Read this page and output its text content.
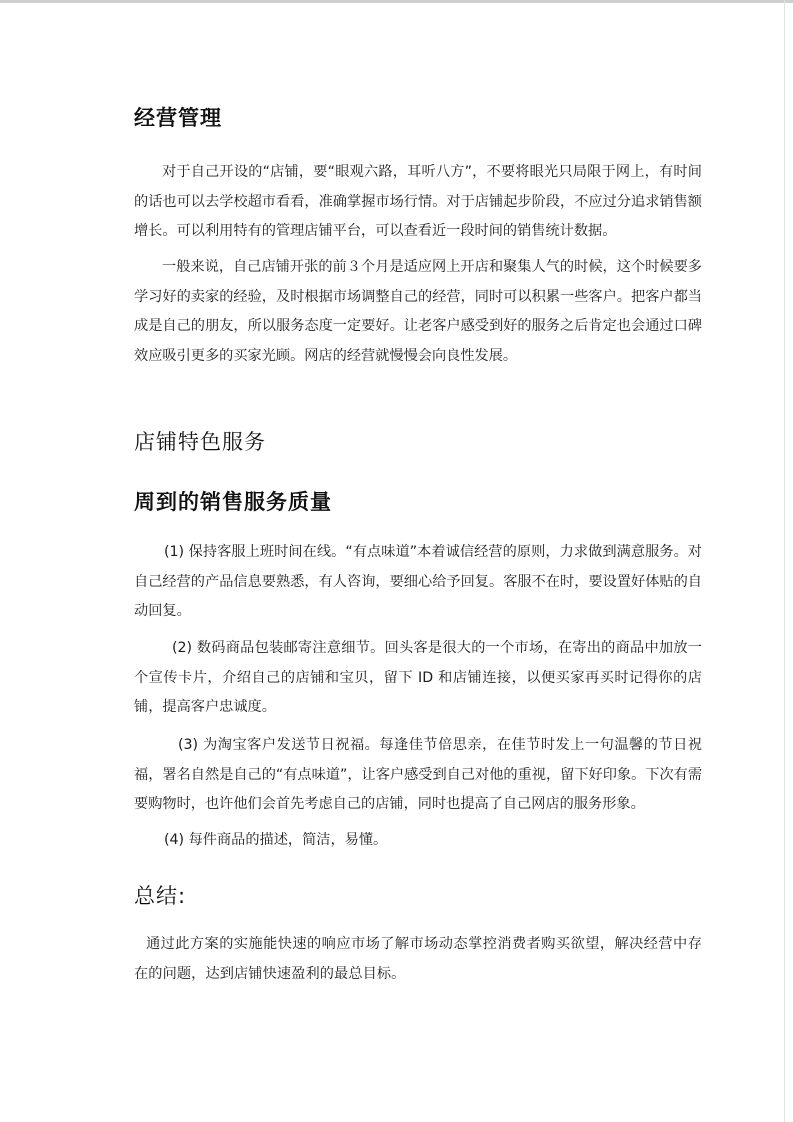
经营管理

对于自己开设的“店铺，要“眼观六路，耳听八方”，不要将眼光只局限于网上，有时间的话也可以去学校超市看看，准确掌握市场行情。对于店铺起步阶段，不应过分追求销售额增长。可以利用特有的管理店铺平台，可以查看近一段时间的销售统计数据。

一般来说，自己店铺开张的前３个月是适应网上开店和聚集人气的时候，这个时候要多学习好的卖家的经验，及时根据市场调整自己的经营，同时可以积累一些客户。把客户都当成是自己的朋友，所以服务态度一定要好。让老客户感受到好的服务之后肯定也会通过口碑效应吸引更多的买家光顾。网店的经营就慢慢会向良性发展。

店铺特色服务
周到的销售服务质量

(1) 保持客服上班时间在线。“有点味道”本着诚信经营的原则，力求做到满意服务。对自己经营的产品信息要熟悉，有人咨询，要细心给予回复。客服不在时，要设置好体贴的自动回复。

(2) 数码商品包装邮寄注意细节。回头客是很大的一个市场，在寄出的商品中加放一个宣传卡片，介绍自己的店铺和宝贝，留下 ID 和店铺连接，以便买家再买时记得你的店铺，提高客户忠诚度。

(3) 为淘宝客户发送节日祝福。每逢佳节倍思亲，在佳节时发上一句温馨的节日祝福，署名自然是自己的“有点味道”，让客户感受到自己对他的重视，留下好印象。下次有需要购物时，也许他们会首先考虑自己的店铺，同时也提高了自己网店的服务形象。

(4) 每件商品的描述，简洁，易懂。

总结:

通过此方案的实施能快速的响应市场了解市场动态掌控消费者购买欲望，解决经营中存在的问题，达到店铺快速盈利的最总目标。
